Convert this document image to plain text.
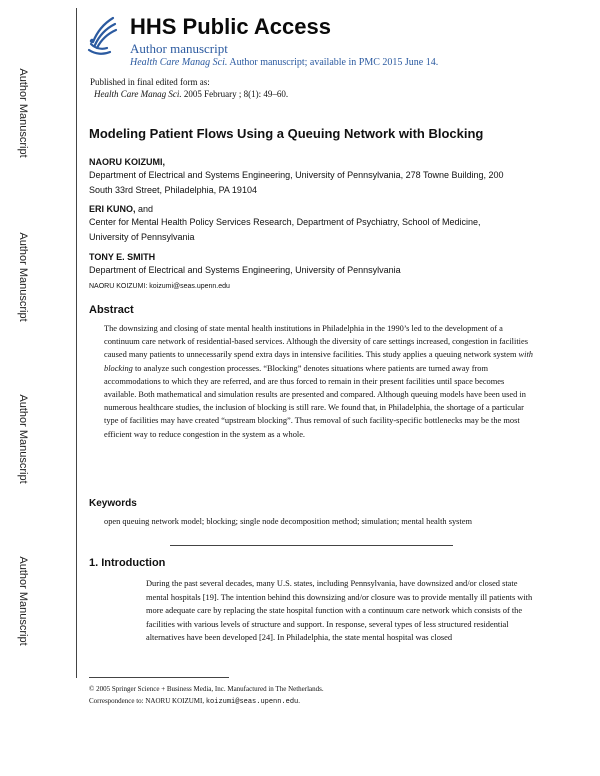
Author Manuscript
Author Manuscript
Author Manuscript
Author Manuscript
HHS Public Access
Author manuscript
Health Care Manag Sci. Author manuscript; available in PMC 2015 June 14.
Published in final edited form as:
Health Care Manag Sci. 2005 February ; 8(1): 49–60.
Modeling Patient Flows Using a Queuing Network with Blocking
NAORU KOIZUMI,
Department of Electrical and Systems Engineering, University of Pennsylvania, 278 Towne Building, 200 South 33rd Street, Philadelphia, PA 19104
ERI KUNO, and
Center for Mental Health Policy Services Research, Department of Psychiatry, School of Medicine, University of Pennsylvania
TONY E. SMITH
Department of Electrical and Systems Engineering, University of Pennsylvania
NAORU KOIZUMI: koizumi@seas.upenn.edu
Abstract
The downsizing and closing of state mental health institutions in Philadelphia in the 1990’s led to the development of a continuum care network of residential-based services. Although the diversity of care settings increased, congestion in facilities caused many patients to unnecessarily spend extra days in intensive facilities. This study applies a queuing network system with blocking to analyze such congestion processes. “Blocking” denotes situations where patients are turned away from accommodations to which they are referred, and are thus forced to remain in their present facilities until space becomes available. Both mathematical and simulation results are presented and compared. Although queuing models have been used in numerous healthcare studies, the inclusion of blocking is still rare. We found that, in Philadelphia, the shortage of a particular type of facilities may have created “upstream blocking”. Thus removal of such facility-specific bottlenecks may be the most efficient way to reduce congestion in the system as a whole.
Keywords
open queuing network model; blocking; single node decomposition method; simulation; mental health system
1. Introduction
During the past several decades, many U.S. states, including Pennsylvania, have downsized and/or closed state mental hospitals [19]. The intention behind this downsizing and/or closure was to provide mentally ill patients with more adequate care by replacing the state hospital function with a continuum care network which consists of the facilities with various levels of structure and support. In response, several types of less structured residential alternatives have been developed [24]. In Philadelphia, the state mental hospital was closed
© 2005 Springer Science + Business Media, Inc. Manufactured in The Netherlands.
Correspondence to: NAORU KOIZUMI, koizumi@seas.upenn.edu.
